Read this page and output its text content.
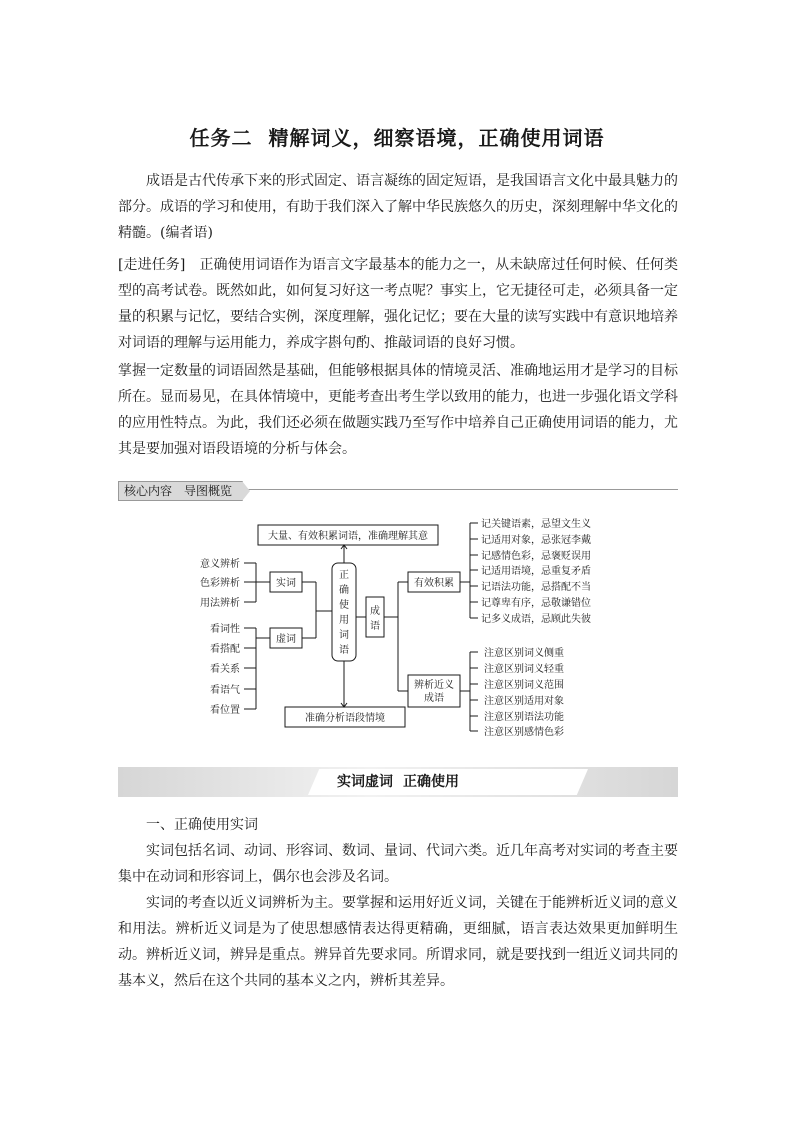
任务二 精解词义，细察语境，正确使用词语

成语是古代传承下来的形式固定、语言凝练的固定短语，是我国语言文化中最具魅力的部分。成语的学习和使用，有助于我们深入了解中华民族悠久的历史，深刻理解中华文化的精髓。(编者语)

[走进任务]　正确使用词语作为语言文字最基本的能力之一，从未缺席过任何时候、任何类型的高考试卷。既然如此，如何复习好这一考点呢？事实上，它无捷径可走，必须具备一定量的积累与记忆，要结合实例，深度理解，强化记忆；要在大量的读写实践中有意识地培养对词语的理解与运用能力，养成字斟句酌、推敲词语的良好习惯。

掌握一定数量的词语固然是基础，但能够根据具体的情境灵活、准确地运用才是学习的目标所在。显而易见，在具体情境中，更能考查出考生学以致用的能力，也进一步强化语文学科的应用性特点。为此，我们还必须在做题实践乃至写作中培养自己正确使用词语的能力，尤其是要加强对语段语境的分析与体会。

核心内容　导图概览
大量、有效积累词语，准确理解其意
准确分析语段情境
正
确
使
用
词
语
实词
虚词
成
语
意义辨析
色彩辨析
用法辨析
看词性
看搭配
看关系
看语气
看位置
有效积累
辨析近义
成语
记关键语素，忌望文生义
记适用对象，忌张冠李戴
记感情色彩，忌褒贬误用
记适用语境，忌重复矛盾
记语法功能，忌搭配不当
记尊卑有序，忌敬谦错位
记多义成语，忌顾此失彼
注意区别词义侧重
注意区别词义轻重
注意区别词义范围
注意区别适用对象
注意区别语法功能
注意区别感情色彩
实词虚词 正确使用

一、正确使用实词

实词包括名词、动词、形容词、数词、量词、代词六类。近几年高考对实词的考查主要集中在动词和形容词上，偶尔也会涉及名词。

实词的考查以近义词辨析为主。要掌握和运用好近义词，关键在于能辨析近义词的意义和用法。辨析近义词是为了使思想感情表达得更精确，更细腻，语言表达效果更加鲜明生动。辨析近义词，辨异是重点。辨异首先要求同。所谓求同，就是要找到一组近义词共同的基本义，然后在这个共同的基本义之内，辨析其差异。
